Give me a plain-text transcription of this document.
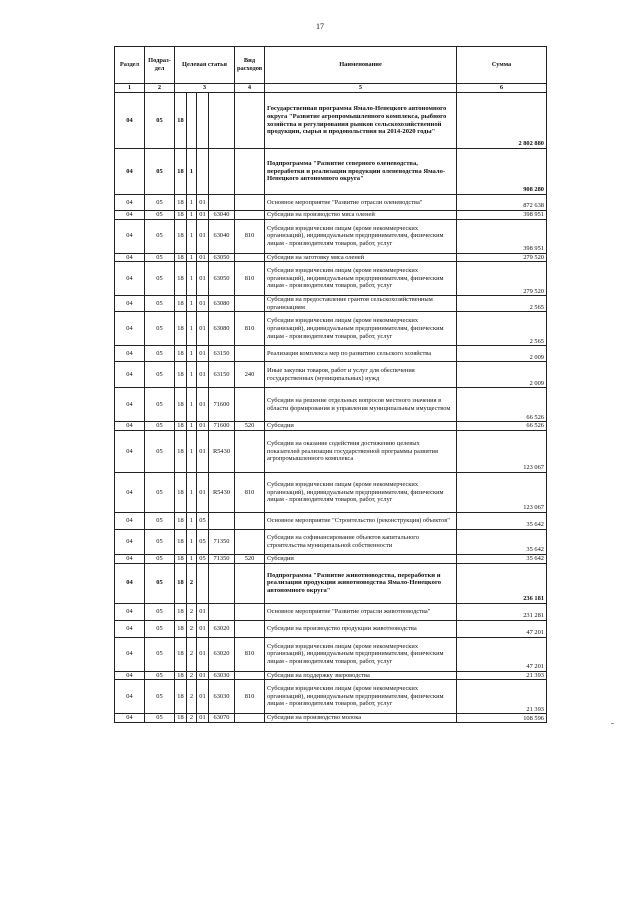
17
Раздел	Подраз- дел	Целевая статья				Вид расходов	Наименование	Сумма
1	2	3				4	5	6
04	05	18					Государственная программа Ямало-Ненецкого автономного округа "Развитие агропромышленного комплекса, рыбного хозяйства и регулирования рынков сельскохозяйственной продукции, сырья и продовольствия на 2014-2020 годы"	2 802 880
04	05	18	1				Подпрограмма "Развитие северного оленеводства, переработки и реализации продукции оленеводства Ямало-Ненецкого автономного округа"	908 280
04	05	18	1	01			Основное мероприятие "Развитие отрасли оленеводства"	872 638
04	05	18	1	01	63040		Субсидии на производство мяса оленей	398 951
04	05	18	1	01	63040	810	Субсидии юридическим лицам (кроме некоммерческих организаций), индивидуальным предпринимателям, физическим лицам - производителям товаров, работ, услуг	398 951
04	05	18	1	01	63050		Субсидии на заготовку мяса оленей	279 520
04	05	18	1	01	63050	810	Субсидии юридическим лицам (кроме некоммерческих организаций), индивидуальным предпринимателям, физическим лицам - производителям товаров, работ, услуг	279 520
04	05	18	1	01	63080		Субсидии на предоставление грантов сельскохозяйственным организациям	2 565
04	05	18	1	01	63080	810	Субсидии юридическим лицам (кроме некоммерческих организаций), индивидуальным предпринимателям, физическим лицам - производителям товаров, работ, услуг	2 565
04	05	18	1	01	63150		Реализация комплекса мер по развитию сельского хозяйства	2 009
04	05	18	1	01	63150	240	Иные закупки товаров, работ и услуг для обеспечения государственных (муниципальных) нужд	2 009
04	05	18	1	01	71600		Субсидии на решение отдельных вопросов местного значения в области формирования и управления муниципальным имуществом	66 526
04	05	18	1	01	71600	520	Субсидии	66 526
04	05	18	1	01	R5430		Субсидии на оказание содействия достижению целевых показателей реализации государственной программы развития агропромышленного комплекса	123 067
04	05	18	1	01	R5430	810	Субсидии юридическим лицам (кроме некоммерческих организаций), индивидуальным предпринимателям, физическим лицам - производителям товаров, работ, услуг	123 067
04	05	18	1	05			Основное мероприятие "Строительство (реконструкция) объектов"	35 642
04	05	18	1	05	71350		Субсидии на софинансирование объектов капитального строительства муниципальной собственности	35 642
04	05	18	1	05	71350	520	Субсидии	35 642
04	05	18	2				Подпрограмма "Развитие животноводства, переработки и реализации продукции животноводства Ямало-Ненецкого автономного округа"	236 181
04	05	18	2	01			Основное мероприятие "Развитие отрасли животноводства"	231 281
04	05	18	2	01	63020		Субсидии на производство продукции животноводства	47 201
04	05	18	2	01	63020	810	Субсидии юридическим лицам (кроме некоммерческих организаций), индивидуальным предпринимателям, физическим лицам - производителям товаров, работ, услуг	47 201
04	05	18	2	01	63030		Субсидии на поддержку звероводства	21 393
04	05	18	2	01	63030	810	Субсидии юридическим лицам (кроме некоммерческих организаций), индивидуальным предпринимателям, физическим лицам - производителям товаров, работ, услуг	21 393
04	05	18	2	01	63070		Субсидии на производство молока	108 596	˗
